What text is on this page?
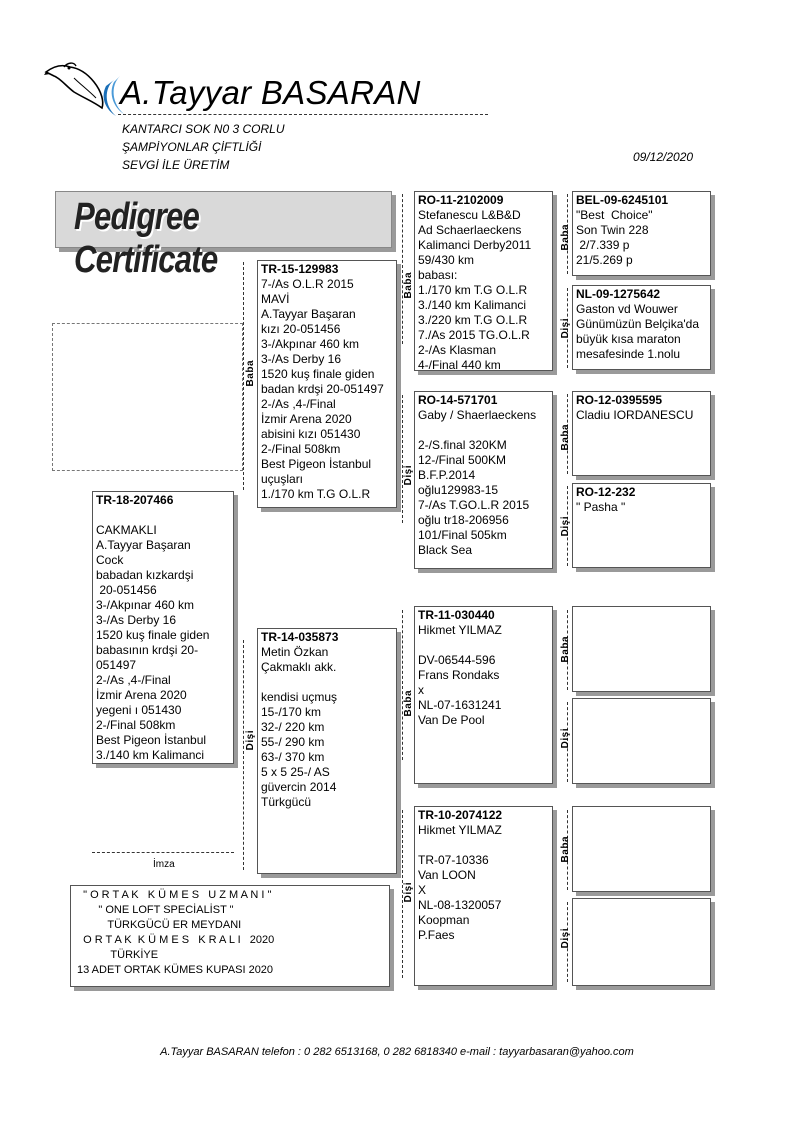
A.Tayyar BASARAN
KANTARCI SOK N0 3 CORLU
ŞAMPİYONLAR ÇİFTLİĞİ
SEVGİ İLE ÜRETİM
09/12/2020
Pedigree Certificate
TR-18-207466

CAKMAKLI
A.Tayyar Başaran
Cock
babadan kızkardşi
20-051456
3-/Akpınar 460 km
3-/As Derby 16
1520 kuş finale giden
babasının krdşi 20-
051497
2-/As ,4-/Final
İzmir Arena 2020
yegeni ı 051430
2-/Final 508km
Best Pigeon İstanbul
3./140 km Kalimanci
Baba
TR-15-129983
7-/As O.L.R 2015
MAVİ
A.Tayyar Başaran
kızı 20-051456
3-/Akpınar 460 km
3-/As Derby 16
1520 kuş finale giden
badan krdşi 20-051497
2-/As ,4-/Final
İzmir Arena 2020
abisini kızı 051430
2-/Final 508km
Best Pigeon İstanbul
uçuşları
1./170 km T.G O.L.R
Dişi
TR-14-035873
Metin Özkan
Çakmaklı akk.

kendisi uçmuş
15-/170 km
32-/ 220 km
55-/ 290 km
63-/ 370 km
5 x 5 25-/ AS
güvercin 2014
Türkgücü
Baba
RO-11-2102009
Stefanescu L&B&D
Ad Schaerlaeckens
Kalimanci Derby2011
59/430 km
babası:
1./170 km T.G O.L.R
3./140 km Kalimanci
3./220 km T.G O.L.R
7./As 2015 TG.O.L.R
2-/As Klasman
4-/Final 440 km
Dişi
RO-14-571701
Gaby / Shaerlaeckens

2-/S.final 320KM
12-/Final 500KM
B.F.P.2014
oğlu129983-15
7-/As T.GO.L.R 2015
oğlu tr18-206956
101/Final 505km
Black Sea
Baba
TR-11-030440
Hikmet YILMAZ

DV-06544-596
Frans Rondaks
x
NL-07-1631241
Van De Pool
Dişi
TR-10-2074122
Hikmet YILMAZ

TR-07-10336
Van LOON
X
NL-08-1320057
Koopman
P.Faes
Baba
BEL-09-6245101
"Best  Choice"
Son Twin 228
2/7.339 p
21/5.269 p
Dişi
NL-09-1275642
Gaston vd Wouwer
Günümüzün Belçika'da
büyük kısa maraton
mesafesinde 1.nolu
Baba
RO-12-0395595
Cladiu IORDANESCU
Dişi
RO-12-232
" Pasha "
Baba
Dişi
Baba
Dişi
İmza
" O R T A K   K Ü M E S   U Z M A N I "
" ONE LOFT SPECİALİST "
TÜRKGÜCÜ ER MEYDANI
O R T A K  K Ü M E S   K R A L I   2020
TÜRKİYE
13 ADET ORTAK KÜMES KUPASI 2020
A.Tayyar BASARAN telefon : 0 282 6513168, 0 282 6818340 e-mail : tayyarbasaran@yahoo.com
